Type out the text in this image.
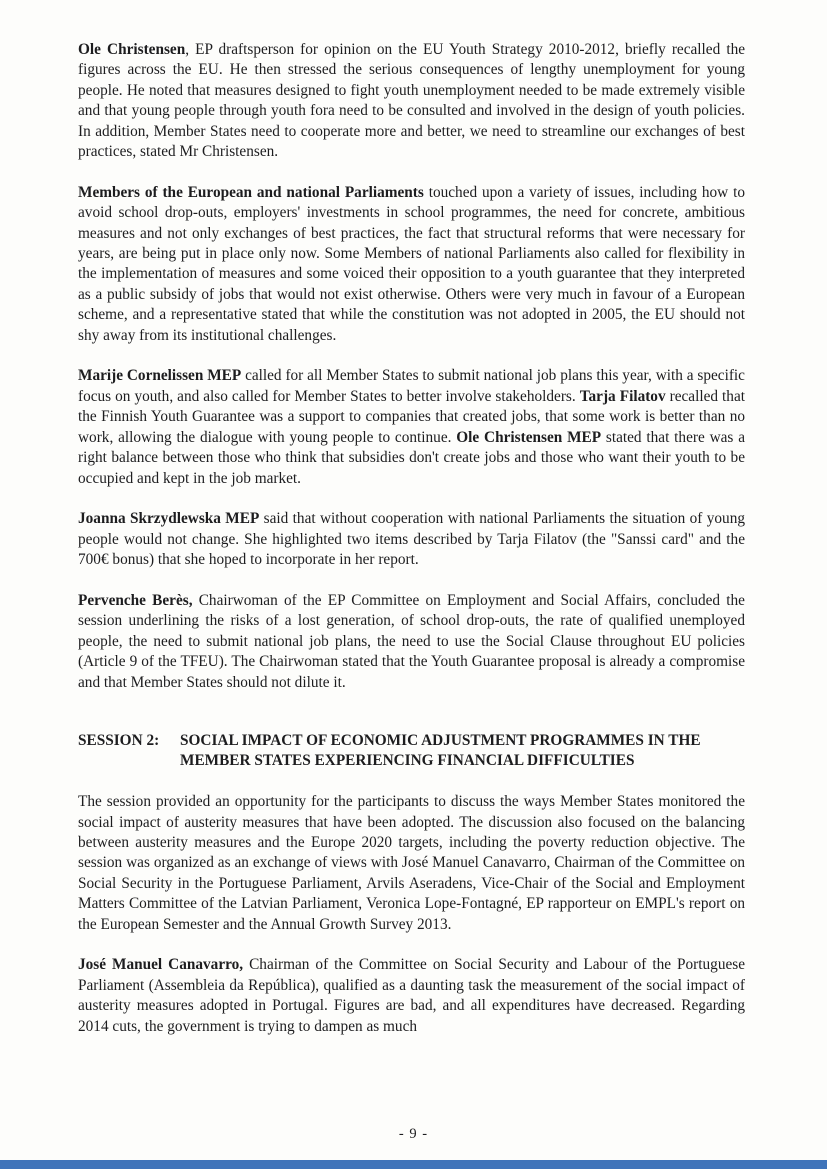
Ole Christensen, EP draftsperson for opinion on the EU Youth Strategy 2010-2012, briefly recalled the figures across the EU. He then stressed the serious consequences of lengthy unemployment for young people. He noted that measures designed to fight youth unemployment needed to be made extremely visible and that young people through youth fora need to be consulted and involved in the design of youth policies. In addition, Member States need to cooperate more and better, we need to streamline our exchanges of best practices, stated Mr Christensen.

Members of the European and national Parliaments touched upon a variety of issues, including how to avoid school drop-outs, employers' investments in school programmes, the need for concrete, ambitious measures and not only exchanges of best practices, the fact that structural reforms that were necessary for years, are being put in place only now. Some Members of national Parliaments also called for flexibility in the implementation of measures and some voiced their opposition to a youth guarantee that they interpreted as a public subsidy of jobs that would not exist otherwise. Others were very much in favour of a European scheme, and a representative stated that while the constitution was not adopted in 2005, the EU should not shy away from its institutional challenges.

Marije Cornelissen MEP called for all Member States to submit national job plans this year, with a specific focus on youth, and also called for Member States to better involve stakeholders. Tarja Filatov recalled that the Finnish Youth Guarantee was a support to companies that created jobs, that some work is better than no work, allowing the dialogue with young people to continue. Ole Christensen MEP stated that there was a right balance between those who think that subsidies don't create jobs and those who want their youth to be occupied and kept in the job market.

Joanna Skrzydlewska MEP said that without cooperation with national Parliaments the situation of young people would not change. She highlighted two items described by Tarja Filatov (the "Sanssi card" and the 700€ bonus) that she hoped to incorporate in her report.

Pervenche Berès, Chairwoman of the EP Committee on Employment and Social Affairs, concluded the session underlining the risks of a lost generation, of school drop-outs, the rate of qualified unemployed people, the need to submit national job plans, the need to use the Social Clause throughout EU policies (Article 9 of the TFEU). The Chairwoman stated that the Youth Guarantee proposal is already a compromise and that Member States should not dilute it.

SESSION 2:	SOCIAL IMPACT OF ECONOMIC ADJUSTMENT PROGRAMMES IN THE MEMBER STATES EXPERIENCING FINANCIAL DIFFICULTIES

The session provided an opportunity for the participants to discuss the ways Member States monitored the social impact of austerity measures that have been adopted. The discussion also focused on the balancing between austerity measures and the Europe 2020 targets, including the poverty reduction objective. The session was organized as an exchange of views with José Manuel Canavarro, Chairman of the Committee on Social Security in the Portuguese Parliament, Arvils Aseradens, Vice-Chair of the Social and Employment Matters Committee of the Latvian Parliament, Veronica Lope-Fontagné, EP rapporteur on EMPL's report on the European Semester and the Annual Growth Survey 2013.

José Manuel Canavarro, Chairman of the Committee on Social Security and Labour of the Portuguese Parliament (Assembleia da República), qualified as a daunting task the measurement of the social impact of austerity measures adopted in Portugal. Figures are bad, and all expenditures have decreased. Regarding 2014 cuts, the government is trying to dampen as much

- 9 -
